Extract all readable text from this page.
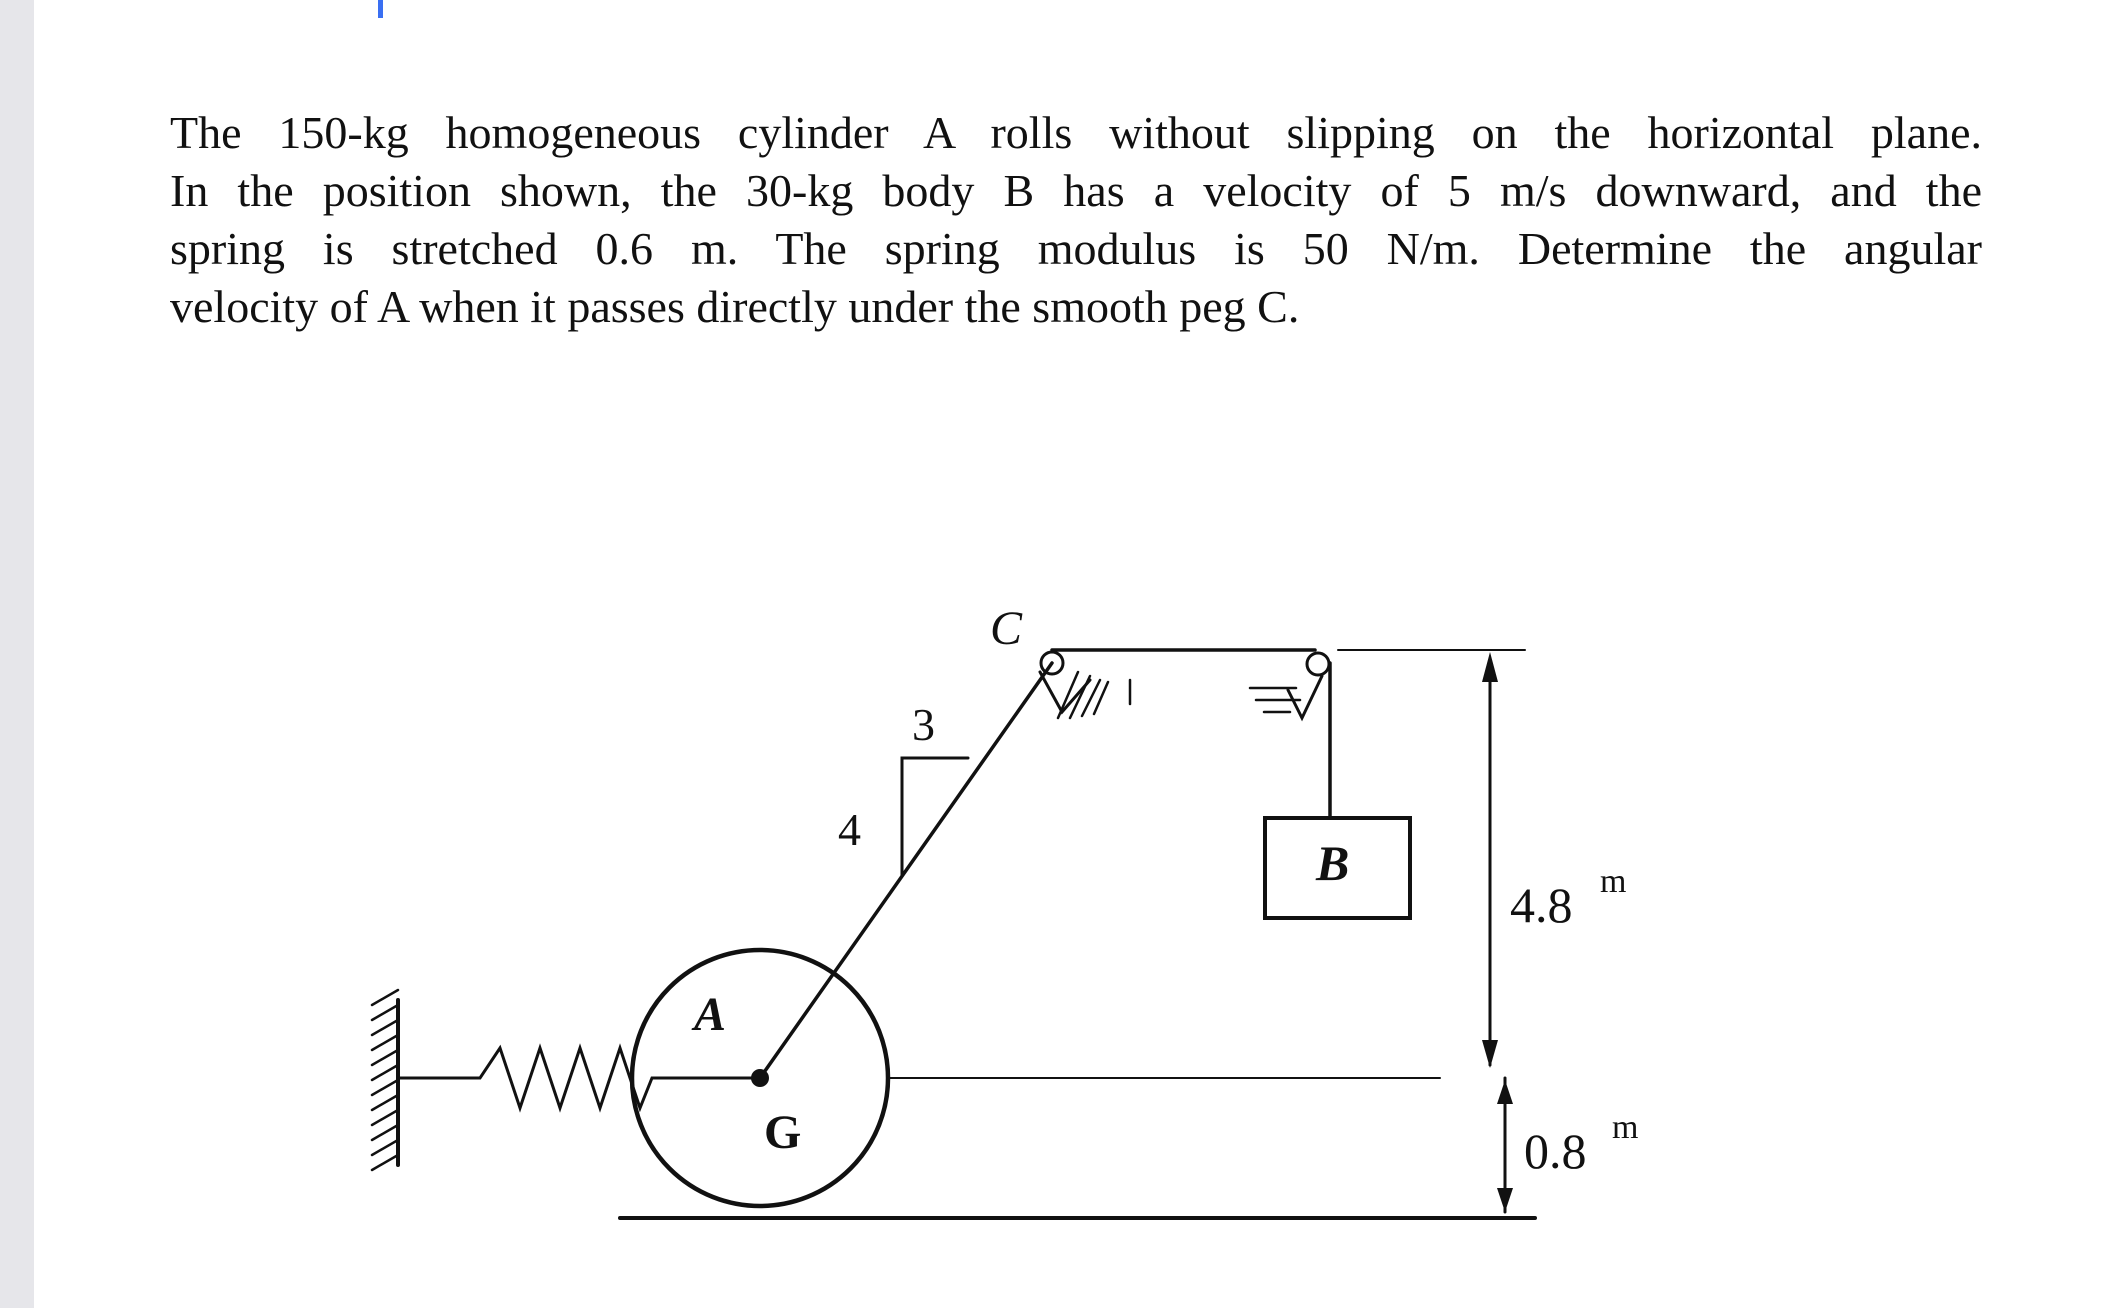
The 150-kg homogeneous cylinder A rolls without slipping on the horizontal plane.
In the position shown, the 30-kg body B has a velocity of 5 m/s downward, and the
spring is stretched 0.6 m. The spring modulus is 50 N/m. Determine the angular
velocity of A when it passes directly under the smooth peg C.
C
A
G
B
4
3
4.8 m
0.8 m
